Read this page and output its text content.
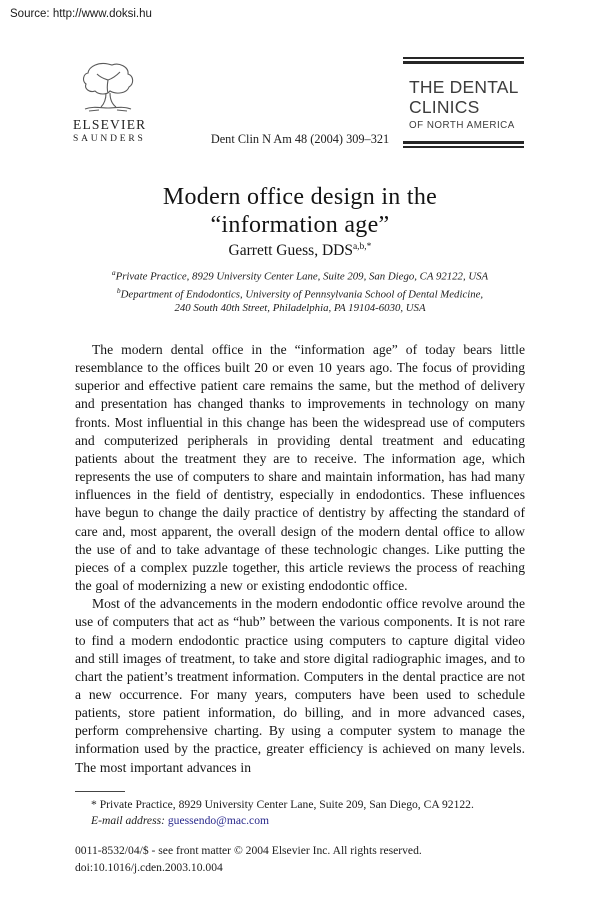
Source: http://www.doksi.hu
ELSEVIER
SAUNDERS	Dent Clin N Am 48 (2004) 309–321
THE DENTAL
CLINICS
OF NORTH AMERICA
Modern office design in the
“information age”
Garrett Guess, $DDS^{a,b,*}$
$^a$Private Practice, 8929 University Center Lane, Suite 209, San Diego, CA 92122, USA
$^b$Department of Endodontics, University of Pennsylvania School of Dental Medicine,
240 South 40th Street, Philadelphia, PA 19104-6030, USA

The modern dental office in the “information age” of today bears little resemblance to the offices built 20 or even 10 years ago. The focus of providing superior and effective patient care remains the same, but the method of delivery and presentation has changed thanks to improvements in technology on many fronts. Most influential in this change has been the widespread use of computers and computerized peripherals in providing dental treatment and educating patients about the treatment they are to receive. The information age, which represents the use of computers to share and maintain information, has had many influences in the field of dentistry, especially in endodontics. These influences have begun to change the daily practice of dentistry by affecting the standard of care and, most apparent, the overall design of the modern dental office to allow the use of and to take advantage of these technologic changes. Like putting the pieces of a complex puzzle together, this article reviews the process of reaching the goal of modernizing a new or existing endodontic office.

Most of the advancements in the modern endodontic office revolve around the use of computers that act as “hub” between the various components. It is not rare to find a modern endodontic practice using computers to capture digital video and still images of treatment, to take and store digital radiographic images, and to chart the patient’s treatment information. Computers in the dental practice are not a new occurrence. For many years, computers have been used to schedule patients, store patient information, do billing, and in more advanced cases, perform comprehensive charting. By using a computer system to manage the information used by the practice, greater efficiency is achieved on many levels. The most important advances in

* Private Practice, 8929 University Center Lane, Suite 209, San Diego, CA 92122.

E-mail address: guessendo@mac.com

0011-8532/04/$ - see front matter © 2004 Elsevier Inc. All rights reserved.
doi:10.1016/j.cden.2003.10.004
